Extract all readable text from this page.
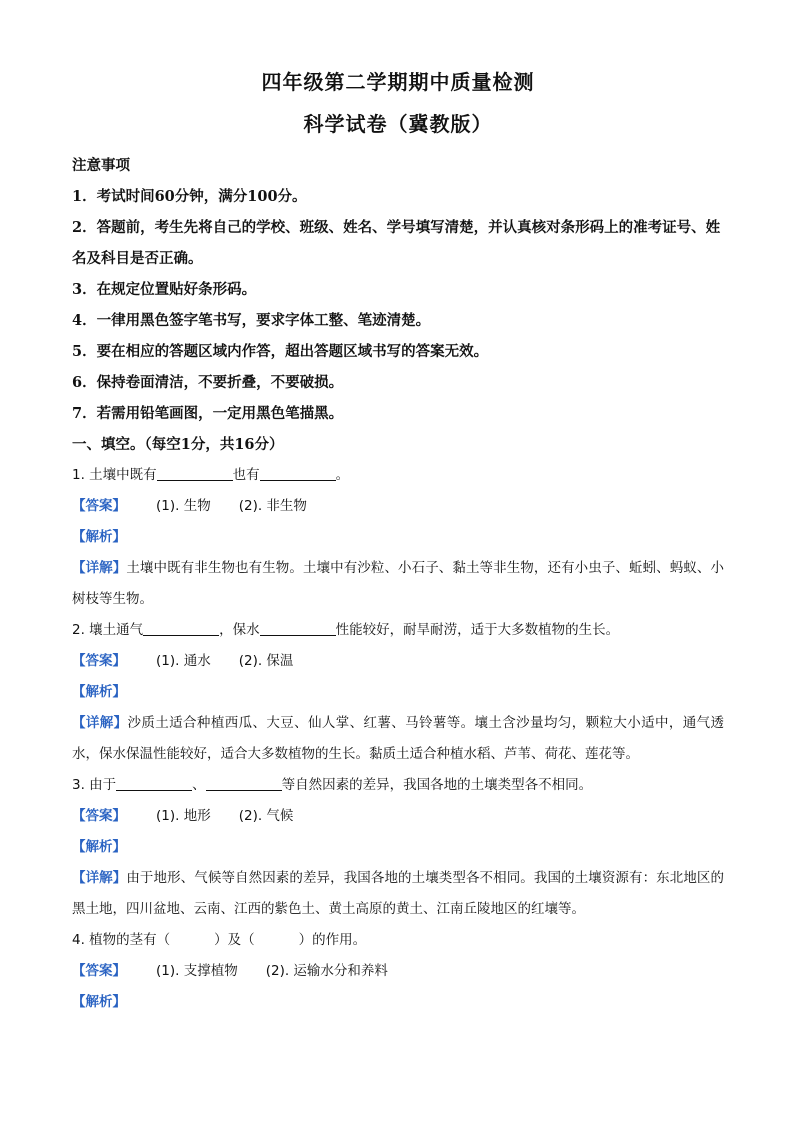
四年级第二学期期中质量检测
科学试卷（冀教版）

注意事项

1．考试时间60分钟，满分100分。

2．答题前，考生先将自己的学校、班级、姓名、学号填写清楚，并认真核对条形码上的准考证号、姓名及科目是否正确。

3．在规定位置贴好条形码。

4．一律用黑色签字笔书写，要求字体工整、笔迹清楚。

5．要在相应的答题区域内作答，超出答题区域书写的答案无效。

6．保持卷面清洁，不要折叠，不要破损。

7．若需用铅笔画图，一定用黑色笔描黑。

一、填空。（每空1分，共16分）

1. 土壤中既有	也有	。

【答案】 (1). 生物 (2). 非生物

【解析】

【详解】土壤中既有非生物也有生物。土壤中有沙粒、小石子、黏土等非生物，还有小虫子、蚯蚓、蚂蚁、小树枝等生物。

2. 壤土通气	，保水	性能较好，耐旱耐涝，适于大多数植物的生长。

【答案】 (1). 通水 (2). 保温

【解析】

【详解】沙质土适合种植西瓜、大豆、仙人掌、红薯、马铃薯等。壤土含沙量均匀，颗粒大小适中，通气透水，保水保温性能较好，适合大多数植物的生长。黏质土适合种植水稻、芦苇、荷花、莲花等。

3. 由于	、	等自然因素的差异，我国各地的土壤类型各不相同。

【答案】 (1). 地形 (2). 气候

【解析】

【详解】由于地形、气候等自然因素的差异，我国各地的土壤类型各不相同。我国的土壤资源有：东北地区的黑土地，四川盆地、云南、江西的紫色土、黄土高原的黄土、江南丘陵地区的红壤等。

4. 植物的茎有（	）及（	）的作用。

【答案】 (1). 支撑植物 (2). 运输水分和养料

【解析】
